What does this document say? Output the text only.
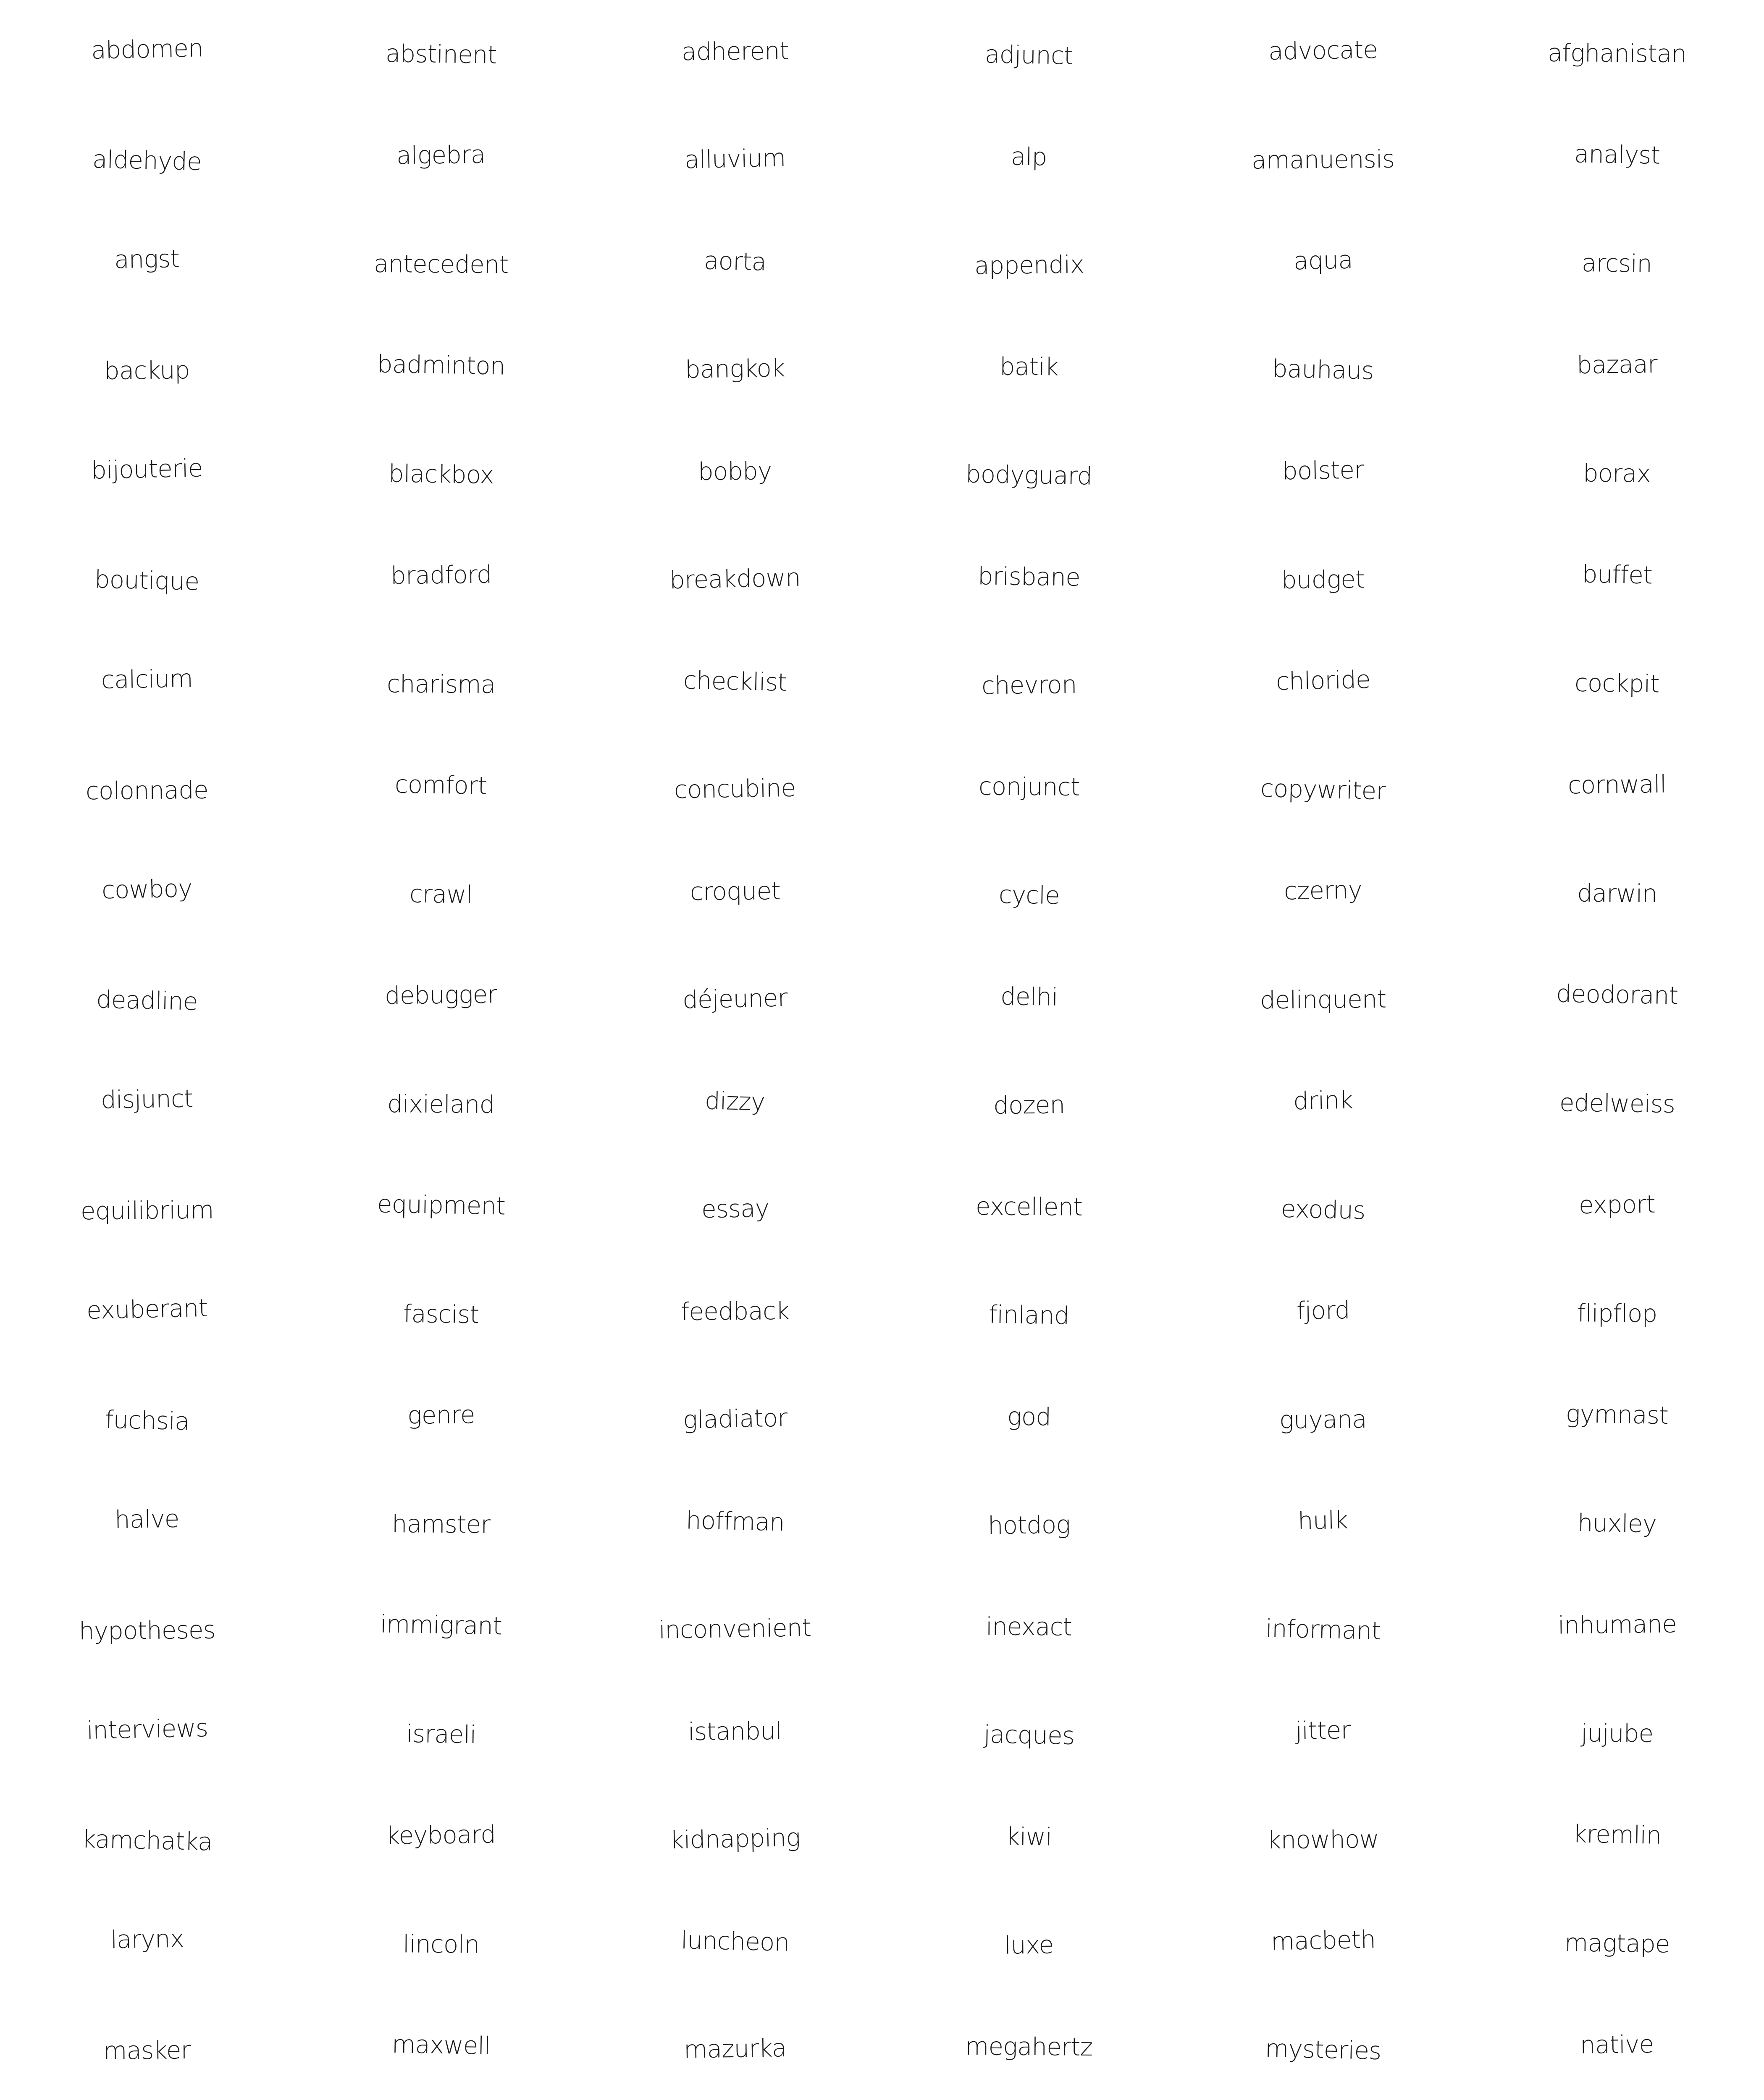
abdomen	abstinent	adherent	adjunct	advocate	afghanistan
aldehyde	algebra	alluvium	alp	amanuensis	analyst
angst	antecedent	aorta	appendix	aqua	arcsin
backup	badminton	bangkok	batik	bauhaus	bazaar
bijouterie	blackbox	bobby	bodyguard	bolster	borax
boutique	bradford	breakdown	brisbane	budget	buffet
calcium	charisma	checklist	chevron	chloride	cockpit
colonnade	comfort	concubine	conjunct	copywriter	cornwall
cowboy	crawl	croquet	cycle	czerny	darwin
deadline	debugger	déjeuner	delhi	delinquent	deodorant
disjunct	dixieland	dizzy	dozen	drink	edelweiss
equilibrium	equipment	essay	excellent	exodus	export
exuberant	fascist	feedback	finland	fjord	flipflop
fuchsia	genre	gladiator	god	guyana	gymnast
halve	hamster	hoffman	hotdog	hulk	huxley
hypotheses	immigrant	inconvenient	inexact	informant	inhumane
interviews	israeli	istanbul	jacques	jitter	jujube
kamchatka	keyboard	kidnapping	kiwi	knowhow	kremlin
larynx	lincoln	luncheon	luxe	macbeth	magtape
masker	maxwell	mazurka	megahertz	mysteries	native
